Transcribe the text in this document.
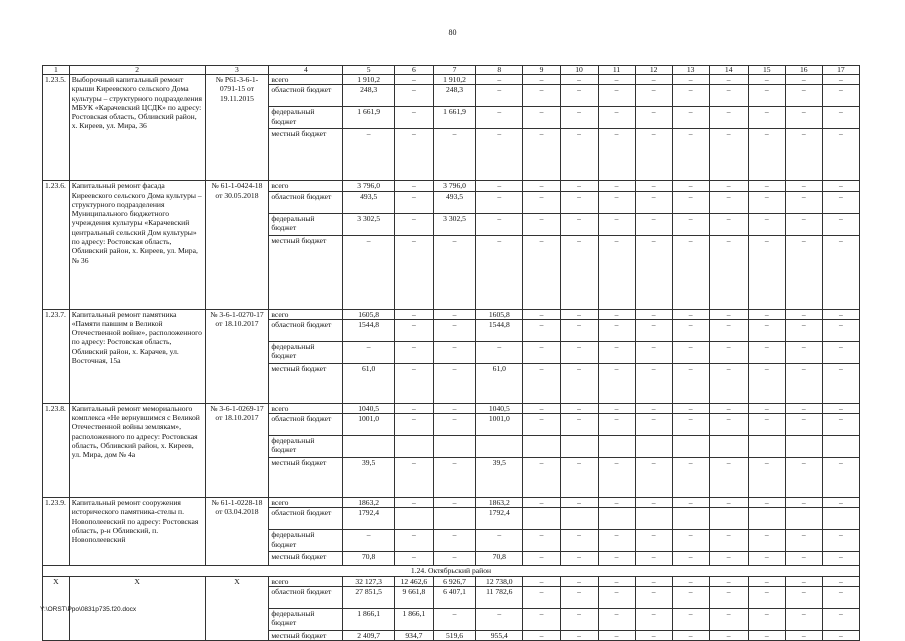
80
1	2	3	4	5	6	7	8	9	10	11	12	13	14	15	16	17
1.23.5.	Выборочный капитальный ремонт крыши Киреевского сельского Дома культуры – структурного подразделения МБУК «Карачевский ЦСДК» по адресу: Ростовская область, Обливский район, х. Киреев, ул. Мира, 36	№ Р61-3-6-1-0791-15 от 19.11.2015	всего	1 910,2	–	1 910,2	–	–	–	–	–	–	–	–	–	–
			областной бюджет	248,3	–	248,3	–	–	–	–	–	–	–	–	–	–
			федеральный бюджет	1 661,9	–	1 661,9	–	–	–	–	–	–	–	–	–	–
			местный бюджет	–	–	–	–	–	–	–	–	–	–	–	–	–
1.23.6.	Капитальный ремонт фасада Киреевского сельского Дома культуры – структурного подразделения Муниципального бюджетного учреждения культуры «Карачевский центральный сельский Дом культуры» по адресу: Ростовская область, Обливский район, х. Киреев, ул. Мира, № 36	№ 61-1-0424-18 от 30.05.2018	всего	3 796,0	–	3 796,0	–	–	–	–	–	–	–	–	–	–
			областной бюджет	493,5	–	493,5	–	–	–	–	–	–	–	–	–	–
			федеральный бюджет	3 302,5	–	3 302,5	–	–	–	–	–	–	–	–	–	–
			местный бюджет	–	–	–	–	–	–	–	–	–	–	–	–	–
1.23.7.	Капитальный ремонт памятника «Памяти павшим в Великой Отечественной войне», расположенного по адресу: Ростовская область, Обливский район, х. Карачев, ул. Восточная, 15а	№ 3-6-1-0270-17 от 18.10.2017	всего	1605,8	–	–	1605,8	–	–	–	–	–	–	–	–	–
			областной бюджет	1544,8	–	–	1544,8	–	–	–	–	–	–	–	–	–
			федеральный бюджет	–	–	–	–	–	–	–	–	–	–	–	–	–
			местный бюджет	61,0	–	–	61,0	–	–	–	–	–	–	–	–	–
1.23.8.	Капитальный ремонт мемориального комплекса «Не вернувшимся с Великой Отечественной войны землякам», расположенного по адресу: Ростовская область, Обливский район, х. Киреев, ул. Мира, дом № 4а	№ 3-6-1-0269-17 от 18.10.2017	всего	1040,5	–	–	1040,5	–	–	–	–	–	–	–	–	–
			областной бюджет	1001,0	–	–	1001,0	–	–	–	–	–	–	–	–	–
			федеральный бюджет													
			местный бюджет	39,5	–	–	39,5	–	–	–	–	–	–	–	–	–
1.23.9.	Капитальный ремонт сооружения исторического памятника-стелы п. Новополеевский по адресу: Ростовская область, р-н Обливский, п. Новополеевский	№ 61-1-0228-18 от 03.04.2018	всего	1863,2	–	–	1863,2	–	–	–	–	–	–	–	–	–
			областной бюджет	1792,4			1792,4									
			федеральный бюджет	–	–	–	–	–	–	–	–	–	–	–	–	–
			местный бюджет	70,8	–	–	70,8	–	–	–	–	–	–	–	–	–
1.24. Октябрьский район																
Х	Х	Х	всего	32 127,3	12 462,6	6 926,7	12 738,0	–	–	–	–	–	–	–	–	–
			областной бюджет	27 851,5	9 661,8	6 407,1	11 782,6	–	–	–	–	–	–	–	–	–
			федеральный бюджет	1 866,1	1 866,1	–	–	–	–	–	–	–	–	–	–	–
			местный бюджет	2 409,7	934,7	519,6	955,4	–	–	–	–	–	–	–	–	–
Y:\ORST\Ppo\0831p735.f20.docx
